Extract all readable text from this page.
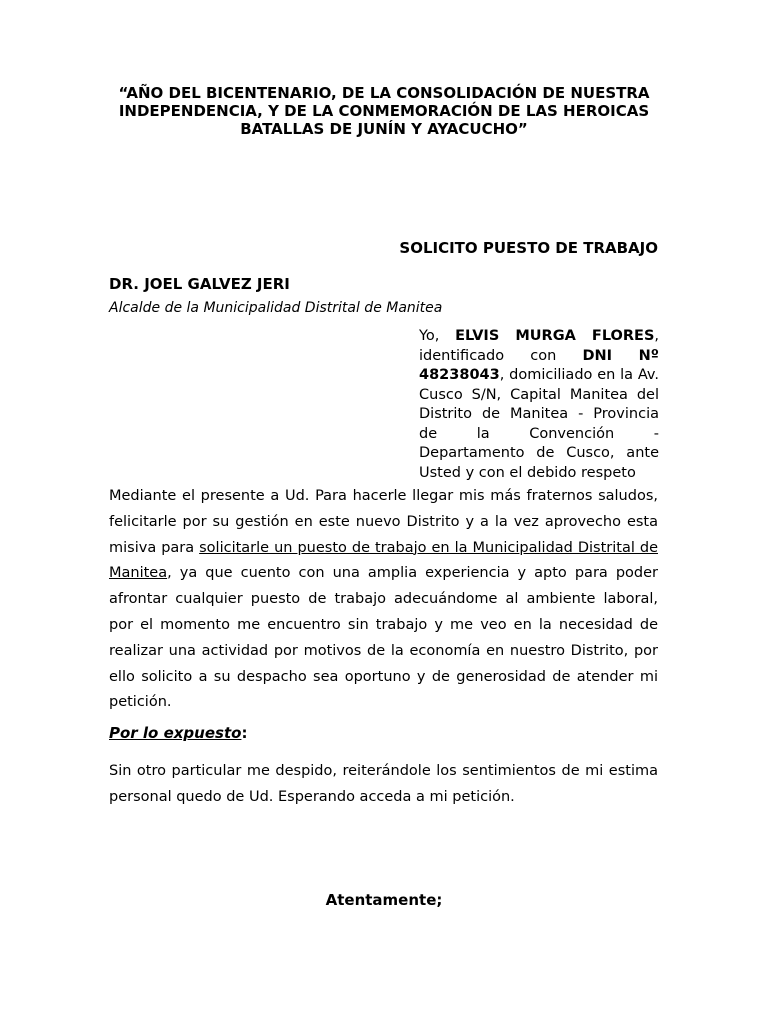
“AÑO DEL BICENTENARIO, DE LA CONSOLIDACIÓN DE NUESTRA INDEPENDENCIA, Y DE LA CONMEMORACIÓN DE LAS HEROICAS BATALLAS DE JUNÍN Y AYACUCHO”
SOLICITO PUESTO DE TRABAJO
DR. JOEL GALVEZ JERI
Alcalde de la Municipalidad Distrital de Manitea
Yo, ELVIS MURGA FLORES, identificado con DNI Nº 48238043, domiciliado en la Av. Cusco S/N, Capital Manitea del Distrito de Manitea - Provincia de la Convención - Departamento de Cusco, ante Usted y con el debido respeto
Mediante el presente a Ud. Para hacerle llegar mis más fraternos saludos, felicitarle por su gestión en este nuevo Distrito y a la vez aprovecho esta misiva para solicitarle un puesto de trabajo en la Municipalidad Distrital de Manitea, ya que cuento con una amplia experiencia y apto para poder afrontar cualquier puesto de trabajo adecuándome al ambiente laboral, por el momento me encuentro sin trabajo y me veo en la necesidad de realizar una actividad por motivos de la economía en nuestro Distrito, por ello solicito a su despacho sea oportuno y de generosidad de atender mi petición.
Por lo expuesto:
Sin otro particular me despido, reiterándole los sentimientos de mi estima personal quedo de Ud. Esperando acceda a mi petición.
Atentamente;
